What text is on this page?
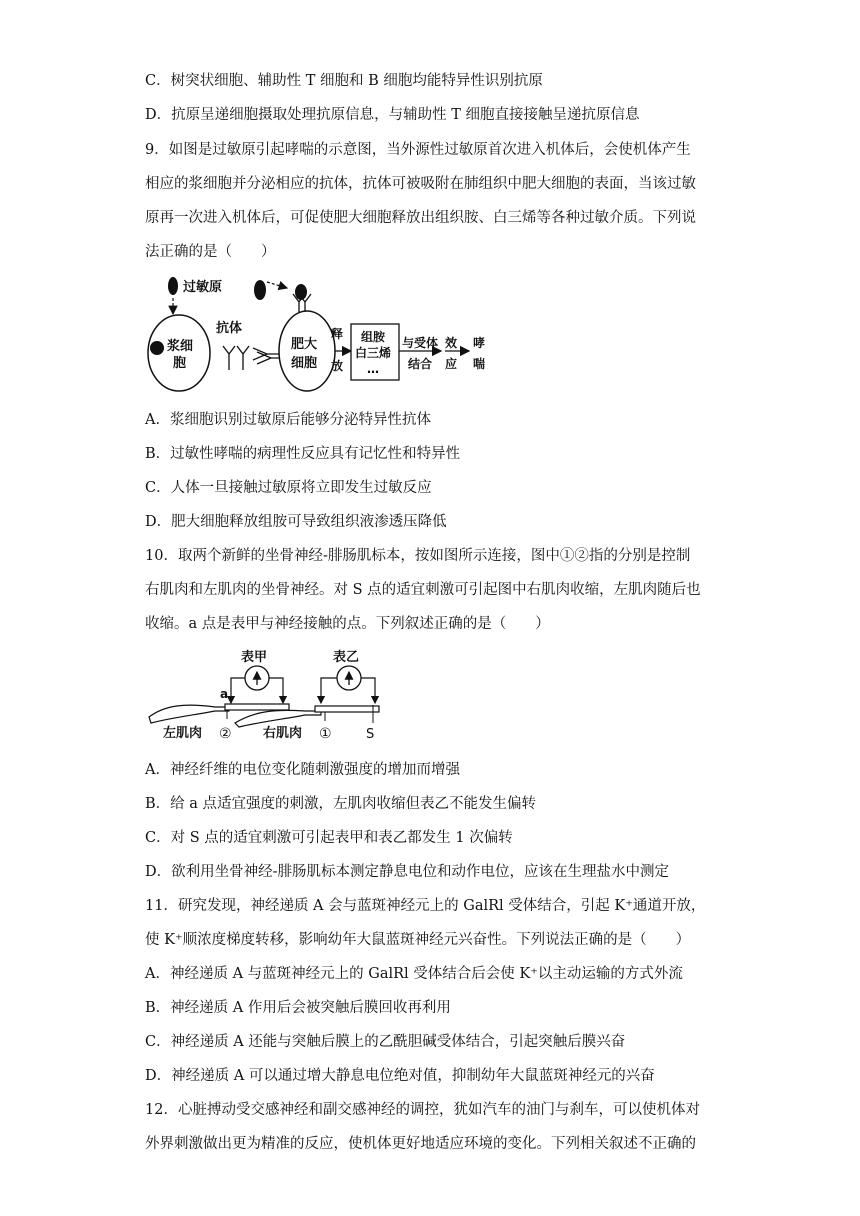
C．树突状细胞、辅助性 T 细胞和 B 细胞均能特异性识别抗原
D．抗原呈递细胞摄取处理抗原信息，与辅助性 T 细胞直接接触呈递抗原信息
9．如图是过敏原引起哮喘的示意图，当外源性过敏原首次进入机体后，会使机体产生
相应的浆细胞并分泌相应的抗体，抗体可被吸附在肺组织中肥大细胞的表面，当该过敏
原再一次进入机体后，可促使肥大细胞释放出组织胺、白三烯等各种过敏介质。下列说
法正确的是（　　）
过敏原
浆细
胞
抗体
肥大
细胞
释
放
组胺
白三烯
…
与受体
结合
效
应
哮
喘
A．浆细胞识别过敏原后能够分泌特异性抗体
B．过敏性哮喘的病理性反应具有记忆性和特异性
C．人体一旦接触过敏原将立即发生过敏反应
D．肥大细胞释放组胺可导致组织液渗透压降低
10．取两个新鲜的坐骨神经-腓肠肌标本，按如图所示连接，图中①②指的分别是控制
右肌肉和左肌肉的坐骨神经。对 S 点的适宜刺激可引起图中右肌肉收缩，左肌肉随后也
收缩。a 点是表甲与神经接触的点。下列叙述正确的是（　　）
表甲
a
表乙
左肌肉 ② 右肌肉 ①	S
A．神经纤维的电位变化随刺激强度的增加而增强
B．给 a 点适宜强度的刺激，左肌肉收缩但表乙不能发生偏转
C．对 S 点的适宜刺激可引起表甲和表乙都发生 1 次偏转
D．欲利用坐骨神经-腓肠肌标本测定静息电位和动作电位，应该在生理盐水中测定
11．研究发现，神经递质 A 会与蓝斑神经元上的 GalRl 受体结合，引起 K⁺通道开放，
使 K⁺顺浓度梯度转移，影响幼年大鼠蓝斑神经元兴奋性。下列说法正确的是（　　）
A．神经递质 A 与蓝斑神经元上的 GalRl 受体结合后会使 K⁺以主动运输的方式外流
B．神经递质 A 作用后会被突触后膜回收再利用
C．神经递质 A 还能与突触后膜上的乙酰胆碱受体结合，引起突触后膜兴奋
D．神经递质 A 可以通过增大静息电位绝对值，抑制幼年大鼠蓝斑神经元的兴奋
12．心脏搏动受交感神经和副交感神经的调控，犹如汽车的油门与刹车，可以使机体对
外界刺激做出更为精准的反应，使机体更好地适应环境的变化。下列相关叙述不正确的
